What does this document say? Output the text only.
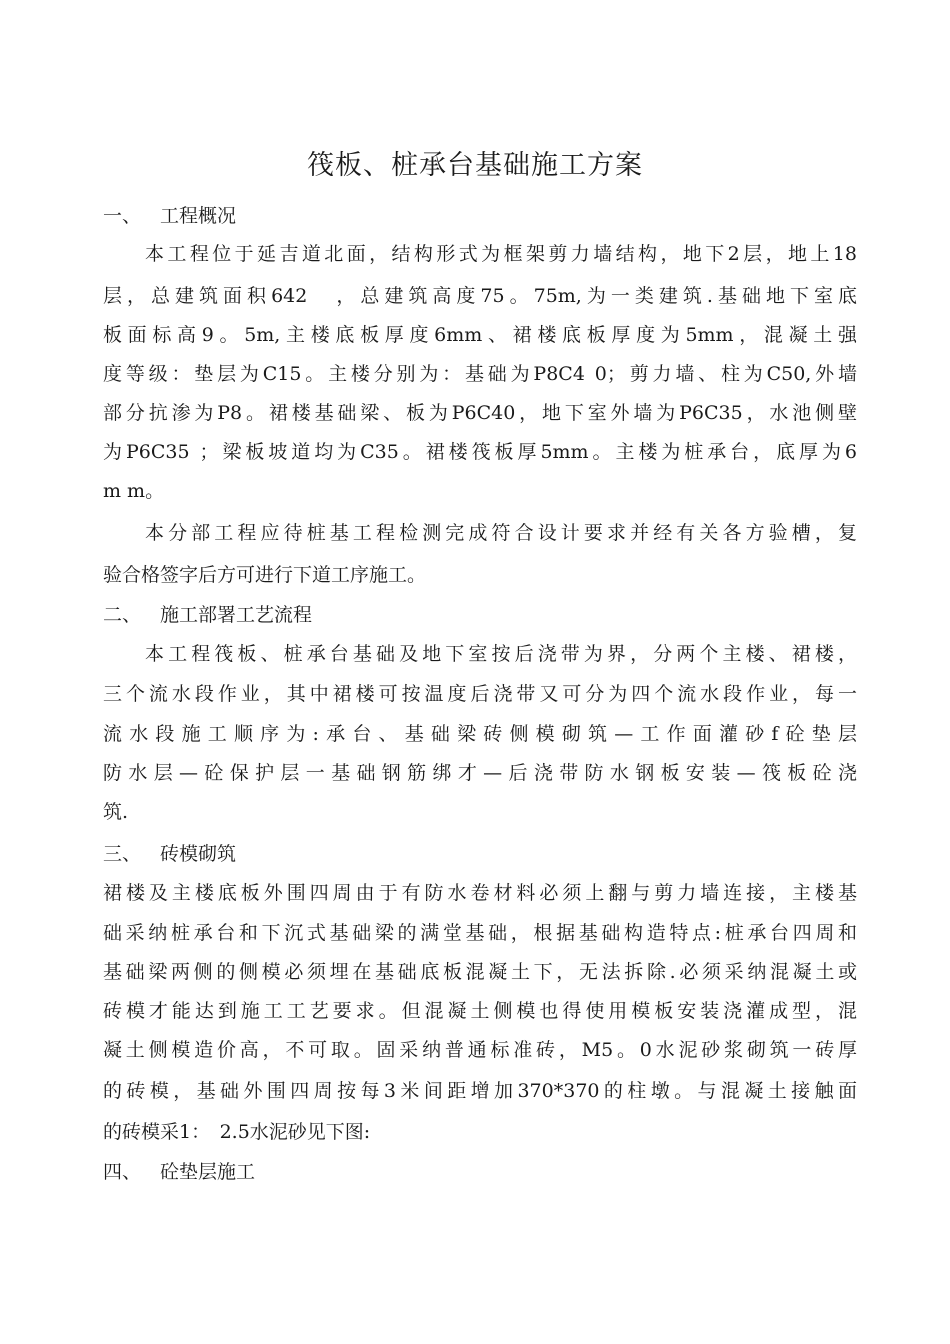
筏板、桩承台基础施工方案
一、 工程概况
本工程位于延吉道北面，结构形式为框架剪力墙结构，地下2层，地上18
层，总建筑面积642　，总建筑高度75。75m,为一类建筑.基础地下室底
板面标高9。5m,主楼底板厚度6mm、裙楼底板厚度为5mm，混凝土强
度等级：垫层为C15。主楼分别为：基础为P8C4 0；剪力墙、柱为C50,外墙
部分抗渗为P8。裙楼基础梁、板为P6C40，地下室外墙为P6C35，水池侧壁
为P6C35 ；梁板坡道均为C35。裙楼筏板厚5mm。主楼为桩承台，底厚为6
m m。
本分部工程应待桩基工程检测完成符合设计要求并经有关各方验槽，复
验合格签字后方可进行下道工序施工。
二、 施工部署工艺流程
本工程筏板、桩承台基础及地下室按后浇带为界，分两个主楼、裙楼，
三个流水段作业，其中裙楼可按温度后浇带又可分为四个流水段作业，每一
流水段施工顺序为:承台、基础梁砖侧模砌筑—工作面灌砂f砼垫层
防水层—砼保护层一基础钢筋绑才—后浇带防水钢板安装—筏板砼浇
筑.
三、 砖模砌筑
裙楼及主楼底板外围四周由于有防水卷材料必须上翻与剪力墙连接，主楼基
础采纳桩承台和下沉式基础梁的满堂基础，根据基础构造特点:桩承台四周和
基础梁两侧的侧模必须埋在基础底板混凝土下，无法拆除.必须采纳混凝土或
砖模才能达到施工工艺要求。但混凝土侧模也得使用模板安装浇灌成型，混
凝土侧模造价高，不可取。固采纳普通标准砖，M5。0水泥砂浆砌筑一砖厚
的砖模，基础外围四周按每3米间距增加370*370的柱墩。与混凝土接触面
的砖模采1：　2.5水泥砂见下图:
四、 砼垫层施工
